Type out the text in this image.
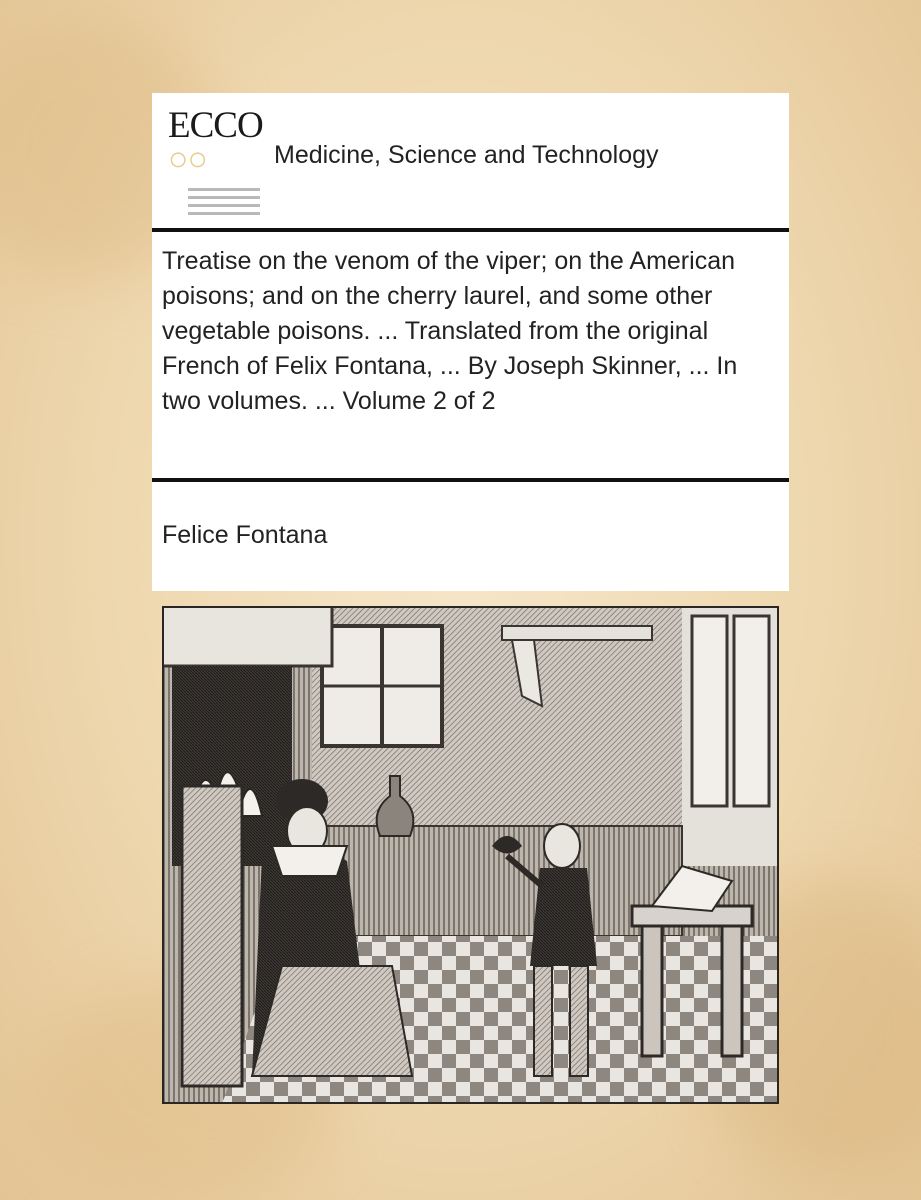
ECCO
○○	Medicine, Science and Technology
Treatise on the venom of the viper; on the American poisons; and on the cherry laurel, and some other vegetable poisons. ... Translated from the original French of Felix Fontana, ... By Joseph Skinner, ... In two volumes. ... Volume 2 of 2
Felice Fontana
